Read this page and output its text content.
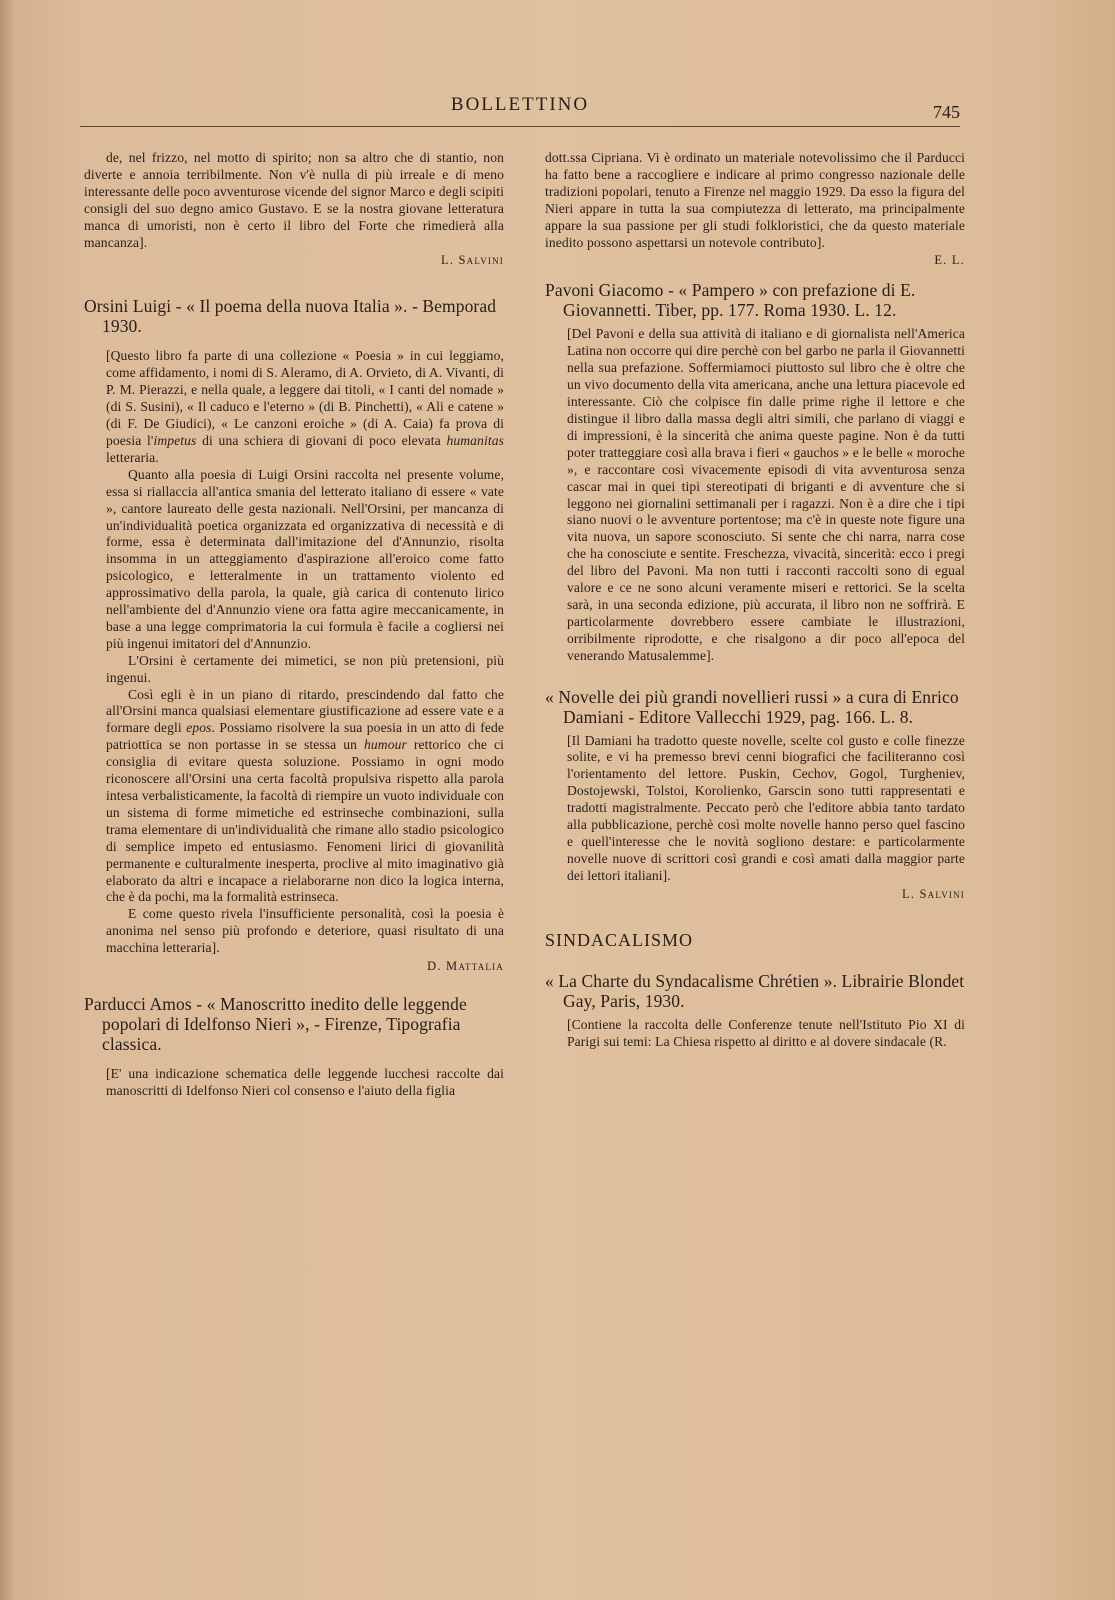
BOLLETTINO	745

de, nel frizzo, nel motto di spirito; non sa altro che di stantio, non diverte e annoia terribilmente. Non v'è nulla di più irreale e di meno interessante delle poco avventurose vicende del signor Marco e degli scipiti consigli del suo degno amico Gustavo. E se la nostra giovane letteratura manca di umoristi, non è certo il libro del Forte che rimedierà alla mancanza].

L. Salvini
Orsini Luigi - « Il poema della nuova Italia ». - Bemporad 1930.

[Questo libro fa parte di una collezione « Poesia » in cui leggiamo, come affidamento, i nomi di S. Aleramo, di A. Orvieto, di A. Vivanti, di P. M. Pierazzi, e nella quale, a leggere dai titoli, « I canti del nomade » (di S. Susini), « Il caduco e l'eterno » (di B. Pinchetti), « Ali e catene » (di F. De Giudici), « Le canzoni eroiche » (di A. Caia) fa prova di poesia l'impetus di una schiera di giovani di poco elevata humanitas letteraria.

Quanto alla poesia di Luigi Orsini raccolta nel presente volume, essa si riallaccia all'antica smania del letterato italiano di essere « vate », cantore laureato delle gesta nazionali. Nell'Orsini, per mancanza di un'individualità poetica organizzata ed organizzativa di necessità e di forme, essa è determinata dall'imitazione del d'Annunzio, risolta insomma in un atteggiamento d'aspirazione all'eroico come fatto psicologico, e letteralmente in un trattamento violento ed approssimativo della parola, la quale, già carica di contenuto lirico nell'ambiente del d'Annunzio viene ora fatta agire meccanicamente, in base a una legge comprimatoria la cui formula è facile a cogliersi nei più ingenui imitatori del d'Annunzio.

L'Orsini è certamente dei mimetici, se non più pretensioni, più ingenui.

Così egli è in un piano di ritardo, prescindendo dal fatto che all'Orsini manca qualsiasi elementare giustificazione ad essere vate e a formare degli epos. Possiamo risolvere la sua poesia in un atto di fede patriottica se non portasse in se stessa un humour rettorico che ci consiglia di evitare questa soluzione. Possiamo in ogni modo riconoscere all'Orsini una certa facoltà propulsiva rispetto alla parola intesa verbalisticamente, la facoltà di riempire un vuoto individuale con un sistema di forme mimetiche ed estrinseche combinazioni, sulla trama elementare di un'individualità che rimane allo stadio psicologico di semplice impeto ed entusiasmo. Fenomeni lirici di giovanilità permanente e culturalmente inesperta, proclive al mito imaginativo già elaborato da altri e incapace a rielaborarne non dico la logica interna, che è da pochi, ma la formalità estrinseca.

E come questo rivela l'insufficiente personalità, così la poesia è anonima nel senso più profondo e deteriore, quasi risultato di una macchina letteraria].

D. Mattalia
Parducci Amos - « Manoscritto inedito delle leggende popolari di Idelfonso Nieri », - Firenze, Tipografia classica.

[E' una indicazione schematica delle leggende lucchesi raccolte dai manoscritti di Idelfonso Nieri col consenso e l'aiuto della figlia

dott.ssa Cipriana. Vi è ordinato un materiale notevolissimo che il Parducci ha fatto bene a raccogliere e indicare al primo congresso nazionale delle tradizioni popolari, tenuto a Firenze nel maggio 1929. Da esso la figura del Nieri appare in tutta la sua compiutezza di letterato, ma principalmente appare la sua passione per gli studi folkloristici, che da questo materiale inedito possono aspettarsi un notevole contributo].

E. L.
Pavoni Giacomo - « Pampero » con prefazione di E. Giovannetti. Tiber, pp. 177. Roma 1930. L. 12.

[Del Pavoni e della sua attività di italiano e di giornalista nell'America Latina non occorre qui dire perchè con bel garbo ne parla il Giovannetti nella sua prefazione. Soffermiamoci piuttosto sul libro che è oltre che un vivo documento della vita americana, anche una lettura piacevole ed interessante. Ciò che colpisce fin dalle prime righe il lettore e che distingue il libro dalla massa degli altri simili, che parlano di viaggi e di impressioni, è la sincerità che anima queste pagine. Non è da tutti poter tratteggiare così alla brava i fieri « gauchos » e le belle « moroche », e raccontare così vivacemente episodi di vita avventurosa senza cascar mai in quei tipi stereotipati di briganti e di avventure che si leggono nei giornalini settimanali per i ragazzi. Non è a dire che i tipi siano nuovi o le avventure portentose; ma c'è in queste note figure una vita nuova, un sapore sconosciuto. Si sente che chi narra, narra cose che ha conosciute e sentite. Freschezza, vivacità, sincerità: ecco i pregi del libro del Pavoni. Ma non tutti i racconti raccolti sono di egual valore e ce ne sono alcuni veramente miseri e rettorici. Se la scelta sarà, in una seconda edizione, più accurata, il libro non ne soffrirà. E particolarmente dovrebbero essere cambiate le illustrazioni, orribilmente riprodotte, e che risalgono a dir poco all'epoca del venerando Matusalemme].

« Novelle dei più grandi novellieri russi » a cura di Enrico Damiani - Editore Vallecchi 1929, pag. 166. L. 8.

[Il Damiani ha tradotto queste novelle, scelte col gusto e colle finezze solite, e vi ha premesso brevi cenni biografici che faciliteranno così l'orientamento del lettore. Puskin, Cechov, Gogol, Turgheniev, Dostojewski, Tolstoi, Korolienko, Garscin sono tutti rappresentati e tradotti magistralmente. Peccato però che l'editore abbia tanto tardato alla pubblicazione, perchè così molte novelle hanno perso quel fascino e quell'interesse che le novità sogliono destare: e particolarmente novelle nuove di scrittori così grandi e così amati dalla maggior parte dei lettori italiani].

L. Salvini
SINDACALISMO
« La Charte du Syndacalisme Chrétien ». Librairie Blondet Gay, Paris, 1930.

[Contiene la raccolta delle Conferenze tenute nell'Istituto Pio XI di Parigi sui temi: La Chiesa rispetto al diritto e al dovere sindacale (R.
